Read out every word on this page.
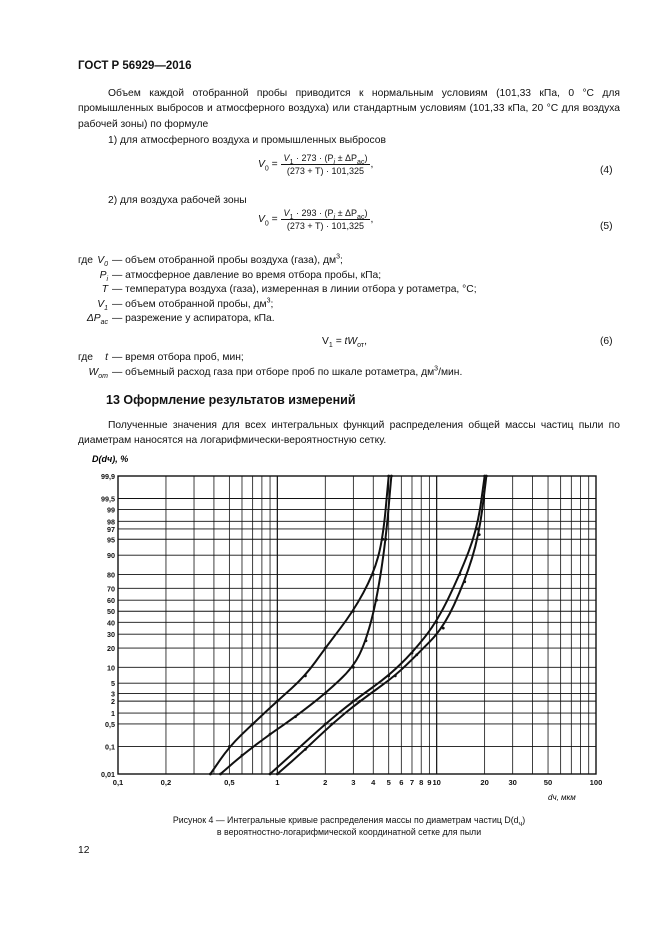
ГОСТ Р 56929—2016
Объем каждой отобранной пробы приводится к нормальным условиям (101,33 кПа, 0 °С для промышленных выбросов и атмосферного воздуха) или стандартным условиям (101,33 кПа, 20 °С для воздуха рабочей зоны) по формуле
1) для атмосферного воздуха и промышленных выбросов
$V_0 = \frac{V_1 \cdot 273 \cdot (P_i \pm \Delta P_{ас})}{(273 + T) \cdot 101,325}$ ,
(4)
2) для воздуха рабочей зоны
$V_0 = \frac{V_1 \cdot 293 \cdot (P_i \pm \Delta P_{ас})}{(273 + T) \cdot 101,325}$ ,
(5)
где $V_0$ — объем отобранной пробы воздуха (газа), $дм^3$;
$P_i$ — атмосферное давление во время отбора пробы, кПа;
T — температура воздуха (газа), измеренная в линии отбора у ротаметра, °С;
$V_1$ — объем отобранной пробы, $дм^3$;
$\Delta P_{ас}$ — разрежение у аспиратора, кПа.
$V_1 = tW_{от}$,	(6)
где	t — время отбора проб, мин;
$W_{от}$ — объемный расход газа при отборе проб по шкале ротаметра, $дм^3$/мин.
13 Оформление результатов измерений
Полученные значения для всех интегральных функций распределения общей массы частиц пыли по диаметрам наносятся на логарифмически-вероятностную сетку.
0,01
0,1
0,5
1
2
3
5
10
20
30
40
50
60
70
80
90
95
97
98
99
99,5
99,9
0,1	0,2	0,5	1	2	3 4 5 6 7 8 9 10	20	30	50	100
D(dч), %
dч, мкм
Рисунок 4 — Интегральные кривые распределения массы по диаметрам частиц $D(d_ч)$
в вероятностно-логарифмической координатной сетке для пыли
12
